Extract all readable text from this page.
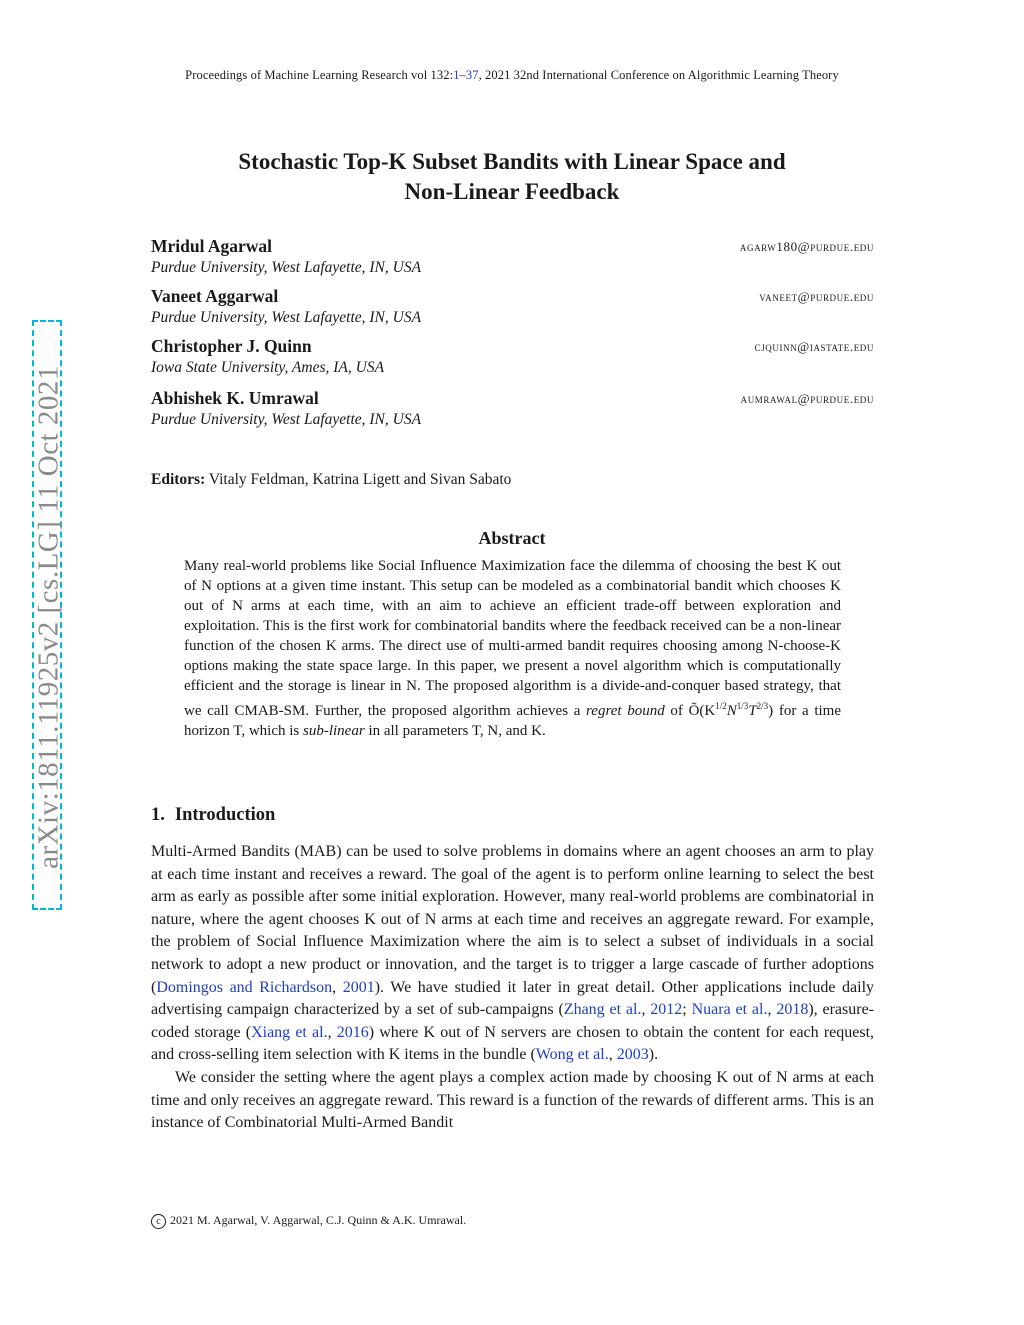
Proceedings of Machine Learning Research vol 132:1–37, 2021 32nd International Conference on Algorithmic Learning Theory
Stochastic Top-K Subset Bandits with Linear Space and
Non-Linear Feedback
Mridul Agarwal	agarw180@purdue.edu
Purdue University, West Lafayette, IN, USA
Vaneet Aggarwal	vaneet@purdue.edu
Purdue University, West Lafayette, IN, USA
Christopher J. Quinn	cjquinn@iastate.edu
Iowa State University, Ames, IA, USA
Abhishek K. Umrawal	aumrawal@purdue.edu
Purdue University, West Lafayette, IN, USA
Editors: Vitaly Feldman, Katrina Ligett and Sivan Sabato
Abstract
Many real-world problems like Social Influence Maximization face the dilemma of choosing the best K out of N options at a given time instant. This setup can be modeled as a combinatorial bandit which chooses K out of N arms at each time, with an aim to achieve an efficient trade-off between exploration and exploitation. This is the first work for combinatorial bandits where the feedback received can be a non-linear function of the chosen K arms. The direct use of multi-armed bandit requires choosing among N-choose-K options making the state space large. In this paper, we present a novel algorithm which is computationally efficient and the storage is linear in N. The proposed algorithm is a divide-and-conquer based strategy, that we call CMAB-SM. Further, the proposed algorithm achieves a regret bound of $Õ(K^{1/2}N^{1/3}T^{2/3})$ for a time horizon T, which is sub-linear in all parameters T, N, and K.
1. Introduction

Multi-Armed Bandits (MAB) can be used to solve problems in domains where an agent chooses an arm to play at each time instant and receives a reward. The goal of the agent is to perform online learning to select the best arm as early as possible after some initial exploration. However, many real-world problems are combinatorial in nature, where the agent chooses K out of N arms at each time and receives an aggregate reward. For example, the problem of Social Influence Maximization where the aim is to select a subset of individuals in a social network to adopt a new product or innovation, and the target is to trigger a large cascade of further adoptions (Domingos and Richardson, 2001). We have studied it later in great detail. Other applications include daily advertising campaign characterized by a set of sub-campaigns (Zhang et al., 2012; Nuara et al., 2018), erasure-coded storage (Xiang et al., 2016) where K out of N servers are chosen to obtain the content for each request, and cross-selling item selection with K items in the bundle (Wong et al., 2003).

We consider the setting where the agent plays a complex action made by choosing K out of N arms at each time and only receives an aggregate reward. This reward is a function of the rewards of different arms. This is an instance of Combinatorial Multi-Armed Bandit

c 2021 M. Agarwal, V. Aggarwal, C.J. Quinn & A.K. Umrawal.
arXiv:1811.11925v2 [cs.LG] 11 Oct 2021
